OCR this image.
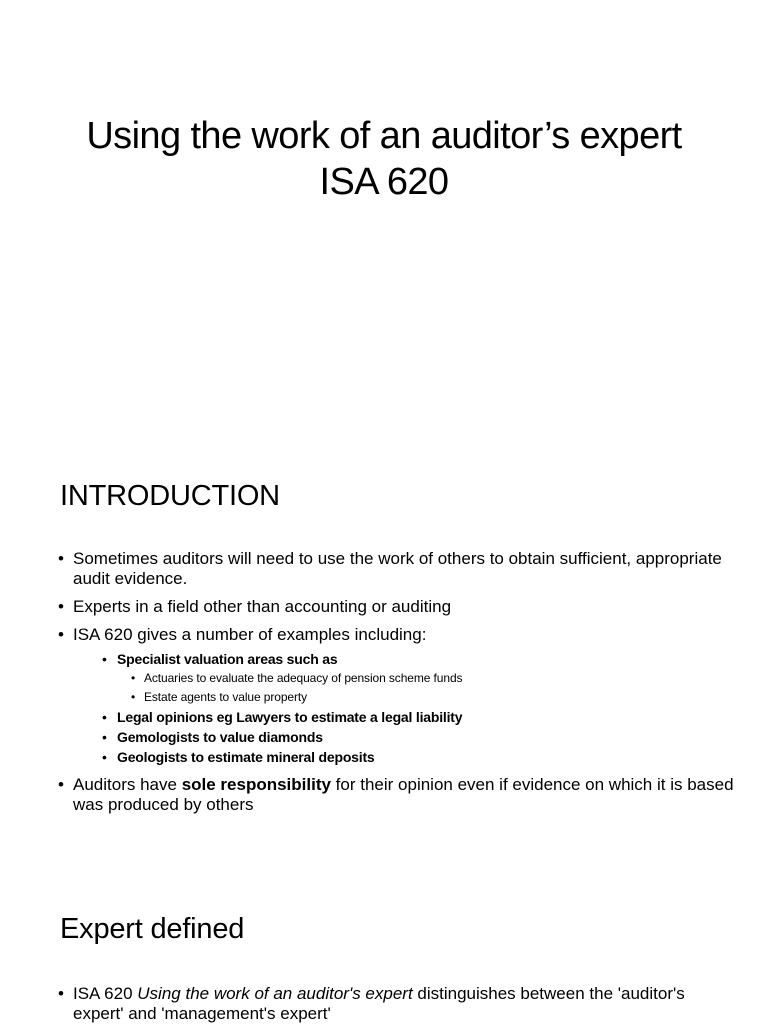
Using the work of an auditor’s expert
ISA 620
INTRODUCTION
• Sometimes auditors will need to use the work of others to obtain sufficient, appropriate audit evidence.
• Experts in a field other than accounting or auditing
• ISA 620 gives a number of examples including:
• Specialist valuation areas such as
• Actuaries to evaluate the adequacy of pension scheme funds
• Estate agents to value property
• Legal opinions eg Lawyers to estimate a legal liability
• Gemologists to value diamonds
• Geologists to estimate mineral deposits
• Auditors have sole responsibility for their opinion even if evidence on which it is based was produced by others
Expert defined
• ISA 620 Using the work of an auditor's expert distinguishes between the 'auditor's expert' and 'management's expert'
